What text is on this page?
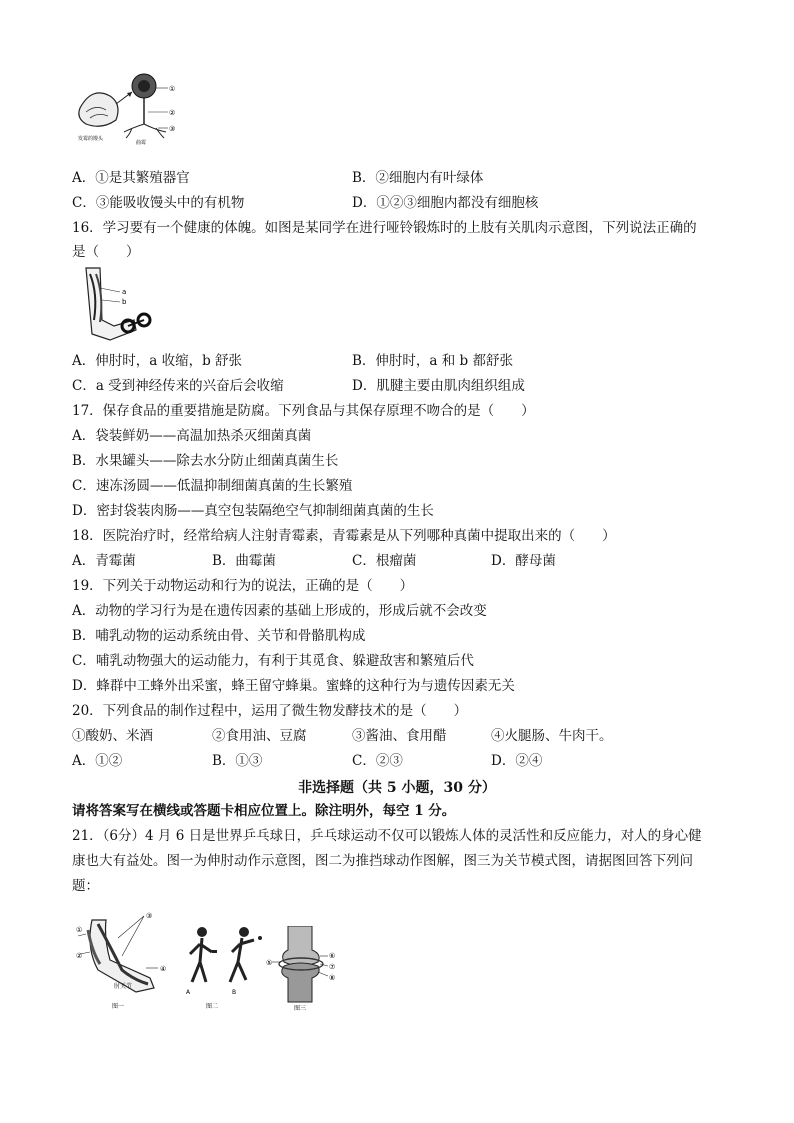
①
②
③
发霉的馒头
曲霉
A．①是其繁殖器官	B．②细胞内有叶绿体
C．③能吸收馒头中的有机物	D．①②③细胞内都没有细胞核
16．学习要有一个健康的体魄。如图是某同学在进行哑铃锻炼时的上肢有关肌肉示意图，下列说法正确的
是（　　）
a
b
A．伸肘时，a 收缩，b 舒张	B．伸肘时，a 和 b 都舒张
C．a 受到神经传来的兴奋后会收缩	D．肌腱主要由肌肉组织组成
17．保存食品的重要措施是防腐。下列食品与其保存原理不吻合的是（　　）
A．袋装鲜奶——高温加热杀灭细菌真菌
B．水果罐头——除去水分防止细菌真菌生长
C．速冻汤圆——低温抑制细菌真菌的生长繁殖
D．密封袋装肉肠——真空包装隔绝空气抑制细菌真菌的生长
18．医院治疗时，经常给病人注射青霉素，青霉素是从下列哪种真菌中提取出来的（　　）
A．青霉菌	B．曲霉菌	C．根瘤菌	D．酵母菌
19．下列关于动物运动和行为的说法，正确的是（　　）
A．动物的学习行为是在遗传因素的基础上形成的，形成后就不会改变
B．哺乳动物的运动系统由骨、关节和骨骼肌构成
C．哺乳动物强大的运动能力，有利于其觅食、躲避敌害和繁殖后代
D．蜂群中工蜂外出采蜜，蜂王留守蜂巢。蜜蜂的这种行为与遗传因素无关
20．下列食品的制作过程中，运用了微生物发酵技术的是（　　）
①酸奶、米酒	②食用油、豆腐	③酱油、食用醋	④火腿肠、牛肉干。
A．①②	B．①③	C．②③	D．②④
非选择题（共 5 小题，30 分）
请将答案写在横线或答题卡相应位置上。除注明外，每空 1 分。
21．（6分）4 月 6 日是世界乒乓球日，乒乓球运动不仅可以锻炼人体的灵活性和反应能力，对人的身心健
康也大有益处。图一为伸肘动作示意图，图二为推挡球动作图解，图三为关节模式图，请据图回答下列问
题：
③
①
②
④
肘关节
图一
A	B
图二
⑤
⑥
⑦
⑧
图三
